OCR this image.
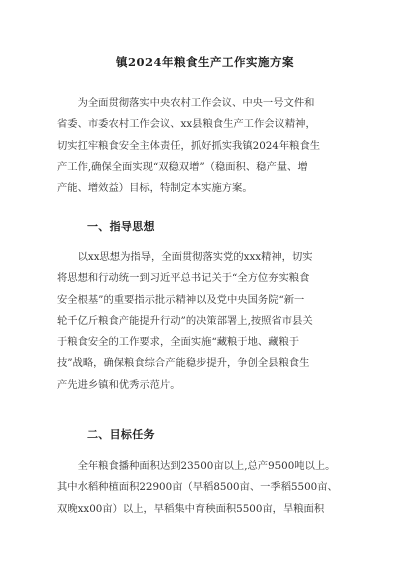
镇2024年粮食生产工作实施方案
　　为全面贯彻落实中央农村工作会议、中央一号文件和
省委、市委农村工作会议、xx县粮食生产工作会议精神，
切实扛牢粮食安全主体责任，抓好抓实我镇2024年粮食生
产工作,确保全面实现“双稳双增”（稳面积、稳产量、增
产能、增效益）目标，特制定本实施方案。
一、指导思想
　　以xx思想为指导，全面贯彻落实党的xxx精神，切实
将思想和行动统一到习近平总书记关于“全方位夯实粮食
安全根基”的重要指示批示精神以及党中央国务院“新一
轮千亿斤粮食产能提升行动”的决策部署上,按照省市县关
于粮食安全的工作要求，全面实施“藏粮于地、藏粮于
技”战略，确保粮食综合产能稳步提升，争创全县粮食生
产先进乡镇和优秀示范片。
二、目标任务
　　全年粮食播种面积达到23500亩以上,总产9500吨以上。
其中水稻种植面积22900亩（早稻8500亩、一季稻5500亩、
双晚xx00亩）以上，早稻集中育秧面积5500亩，旱粮面积
